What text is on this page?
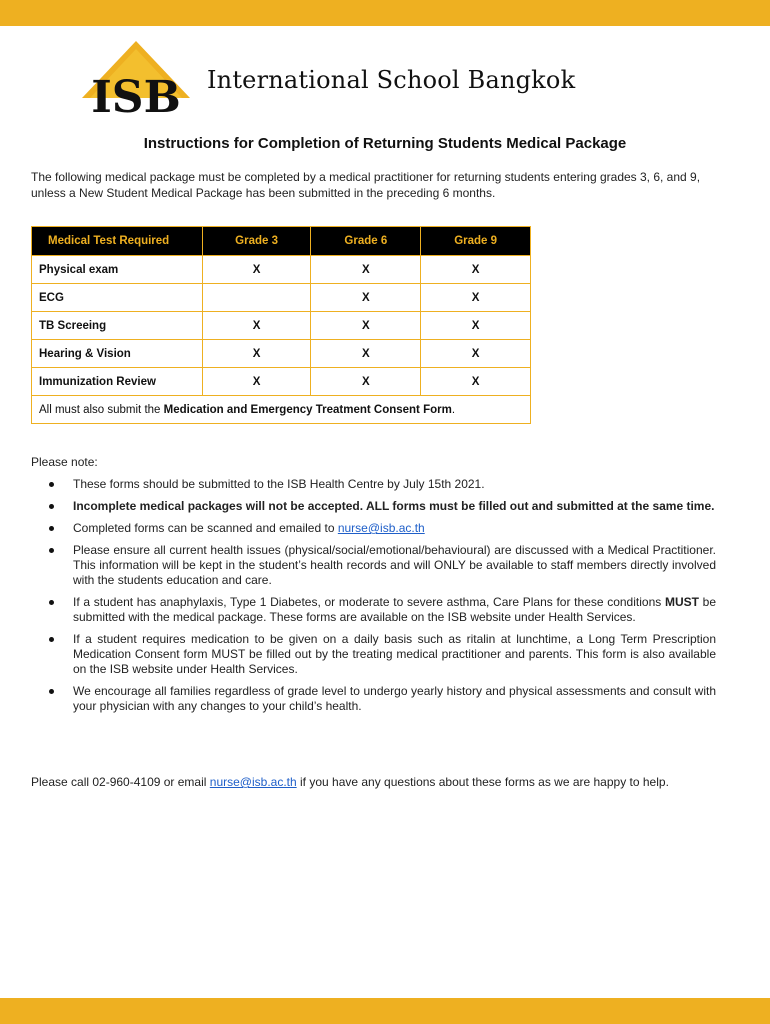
ISB International School Bangkok
Instructions for Completion of Returning Students Medical Package
The following medical package must be completed by a medical practitioner for returning students entering grades 3, 6, and 9, unless a New Student Medical Package has been submitted in the preceding 6 months.
Medical Test Required	Grade 3	Grade 6	Grade 9
Physical exam	X	X	X
ECG		X	X
TB Screeing	X	X	X
Hearing & Vision	X	X	X
Immunization Review	X	X	X
All must also submit the Medication and Emergency Treatment Consent Form.			
Please note:
These forms should be submitted to the ISB Health Centre by July 15th 2021.
Incomplete medical packages will not be accepted. ALL forms must be filled out and submitted at the same time.
Completed forms can be scanned and emailed to nurse@isb.ac.th
Please ensure all current health issues (physical/social/emotional/behavioural) are discussed with a Medical Practitioner. This information will be kept in the student’s health records and will ONLY be available to staff members directly involved with the students education and care.
If a student has anaphylaxis, Type 1 Diabetes, or moderate to severe asthma, Care Plans for these conditions MUST be submitted with the medical package. These forms are available on the ISB website under Health Services.
If a student requires medication to be given on a daily basis such as ritalin at lunchtime, a Long Term Prescription Medication Consent form MUST be filled out by the treating medical practitioner and parents. This form is also available on the ISB website under Health Services.
We encourage all families regardless of grade level to undergo yearly history and physical assessments and consult with your physician with any changes to your child’s health.
Please call 02-960-4109 or email nurse@isb.ac.th if you have any questions about these forms as we are happy to help.
